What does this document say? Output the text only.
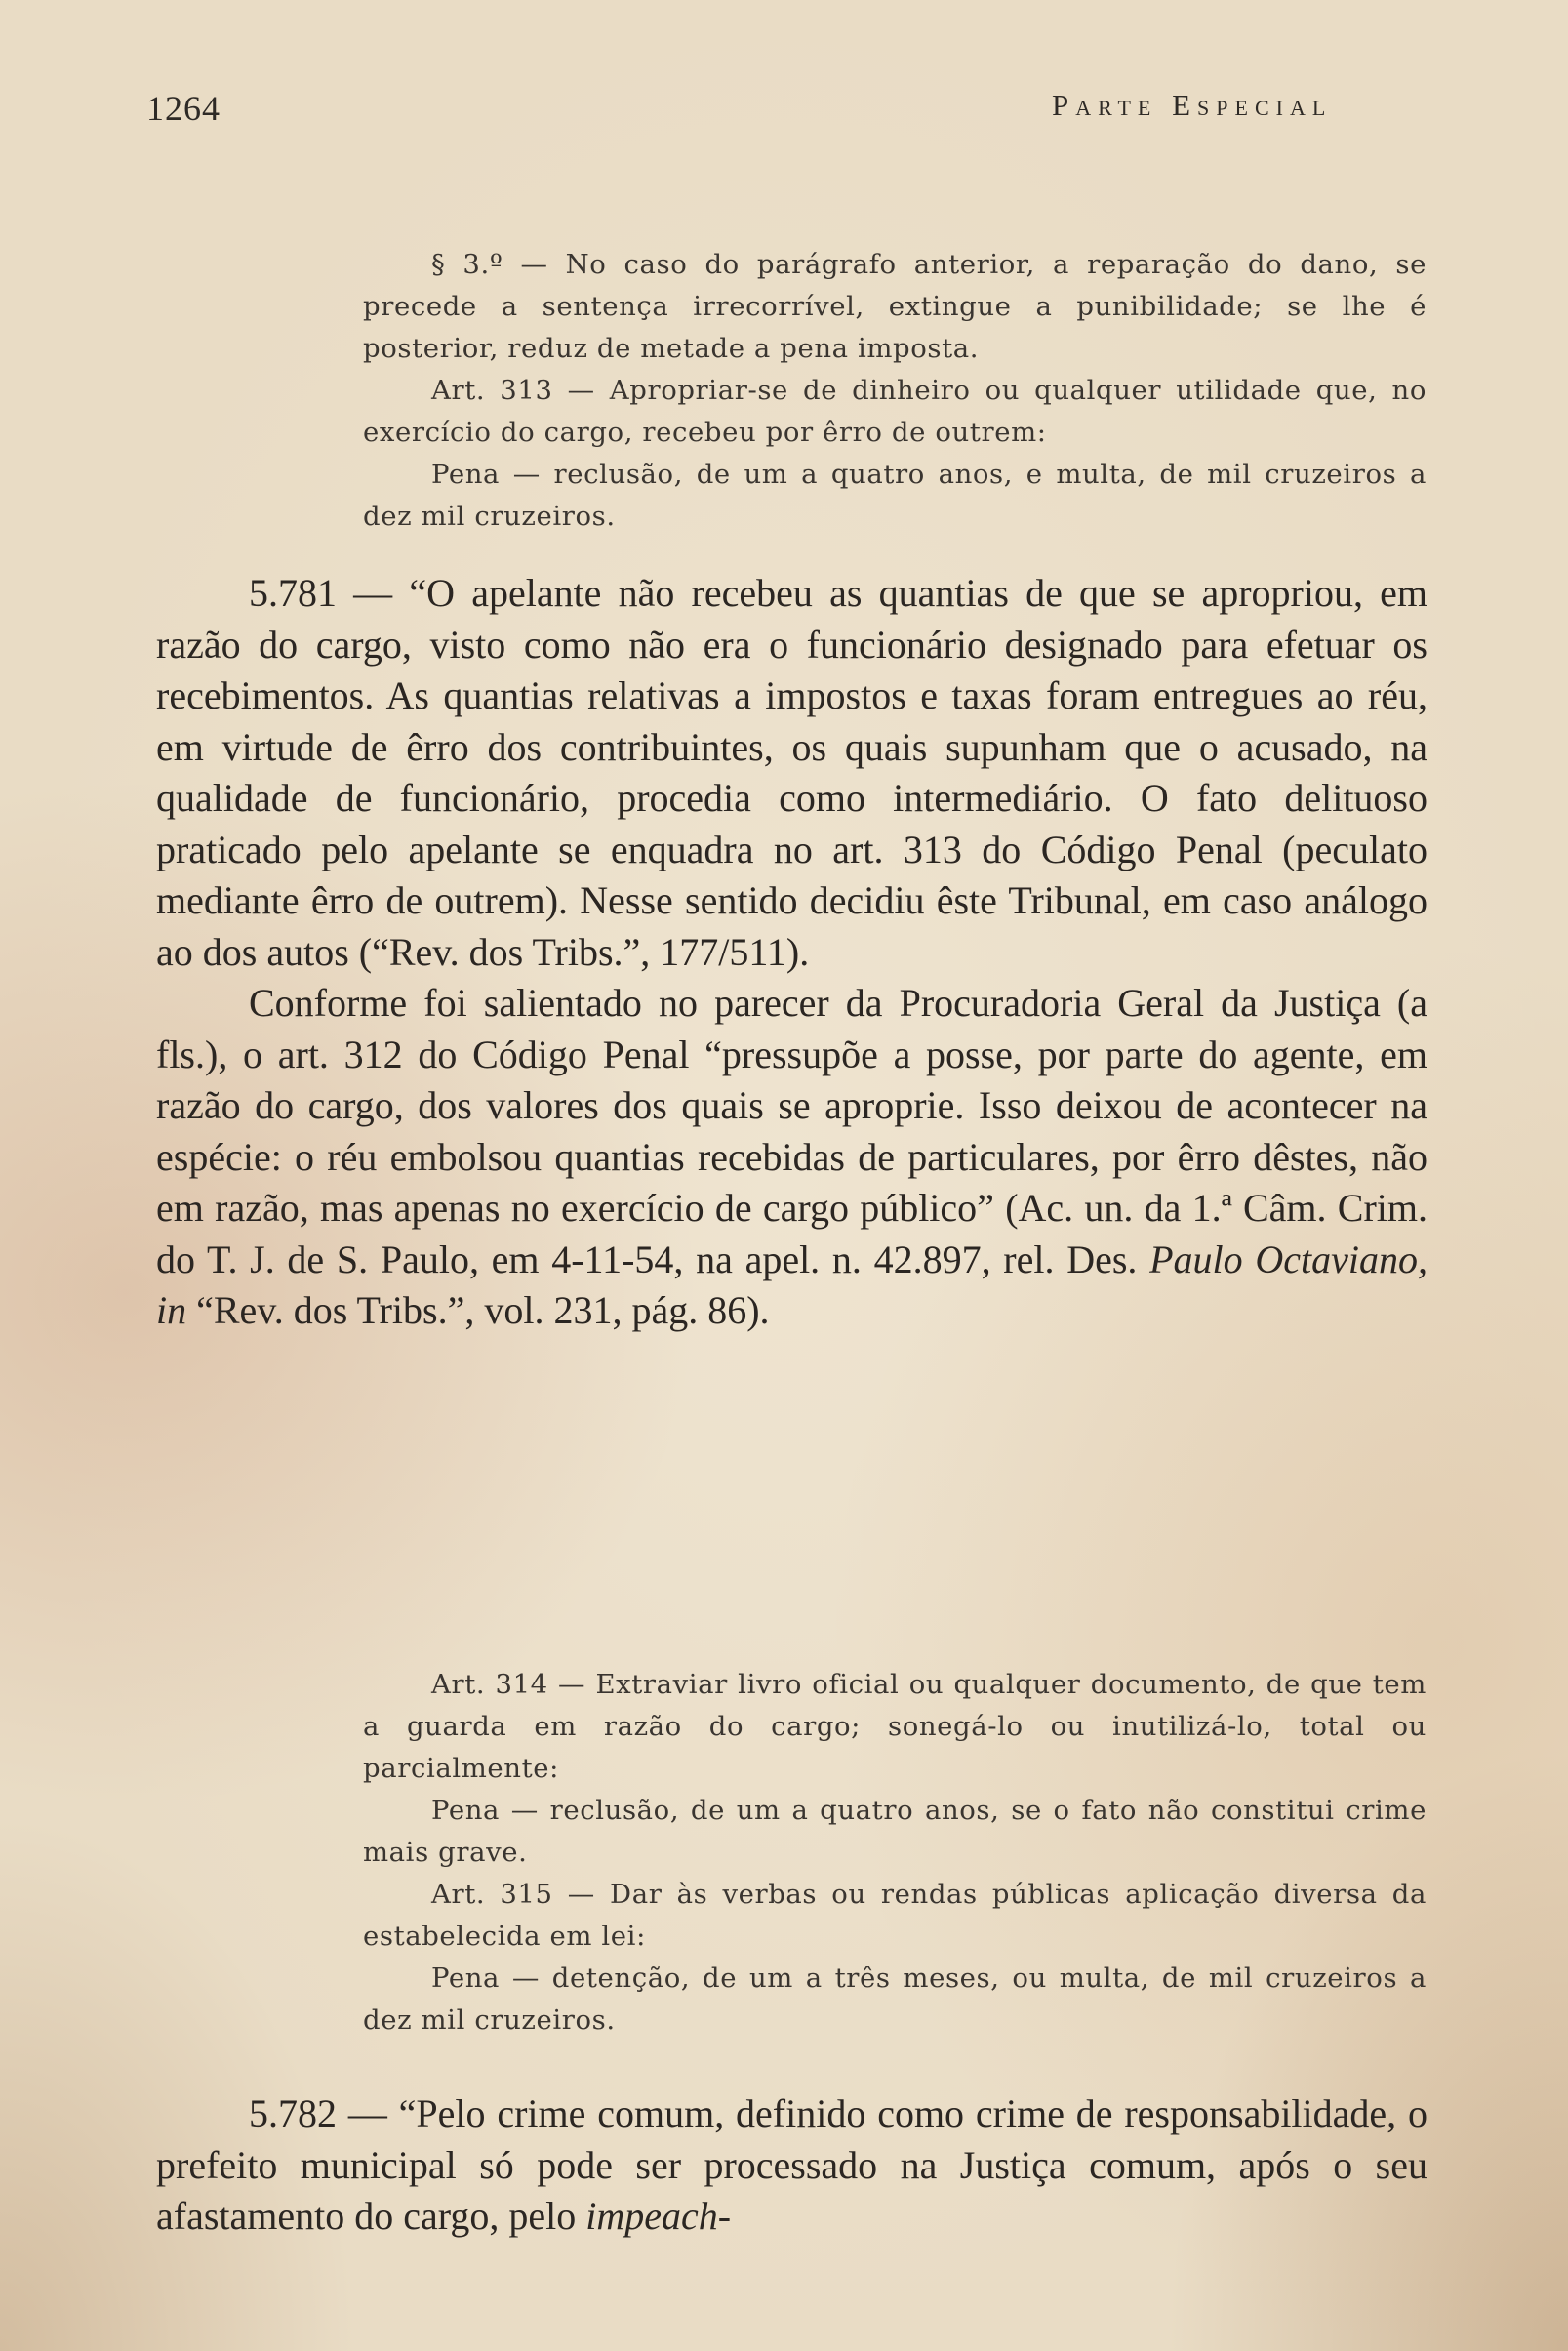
1264	Parte Especial

§ 3.º — No caso do parágrafo anterior, a reparação do dano, se precede a sentença irrecorrível, extingue a punibilidade; se lhe é posterior, reduz de metade a pena imposta.

Art. 313 — Apropriar-se de dinheiro ou qualquer utilidade que, no exercício do cargo, recebeu por êrro de outrem:

Pena — reclusão, de um a quatro anos, e multa, de mil cruzeiros a dez mil cruzeiros.

5.781 — “O apelante não recebeu as quantias de que se apropriou, em razão do cargo, visto como não era o funcionário designado para efetuar os recebimentos. As quantias relativas a impostos e taxas foram entregues ao réu, em virtude de êrro dos contribuintes, os quais supunham que o acusado, na qualidade de funcionário, procedia como intermediário. O fato delituoso praticado pelo apelante se enquadra no art. 313 do Código Penal (peculato mediante êrro de outrem). Nesse sentido decidiu êste Tribunal, em caso análogo ao dos autos (“Rev. dos Tribs.”, 177/511).

Conforme foi salientado no parecer da Procuradoria Geral da Justiça (a fls.), o art. 312 do Código Penal “pressupõe a posse, por parte do agente, em razão do cargo, dos valores dos quais se aproprie. Isso deixou de acontecer na espécie: o réu embolsou quantias recebidas de particulares, por êrro dêstes, não em razão, mas apenas no exercício de cargo público” (Ac. un. da 1.ª Câm. Crim. do T. J. de S. Paulo, em 4-11-54, na apel. n. 42.897, rel. Des. Paulo Octaviano, in “Rev. dos Tribs.”, vol. 231, pág. 86).

Art. 314 — Extraviar livro oficial ou qualquer documento, de que tem a guarda em razão do cargo; sonegá-lo ou inutilizá-lo, total ou parcialmente:

Pena — reclusão, de um a quatro anos, se o fato não constitui crime mais grave.

Art. 315 — Dar às verbas ou rendas públicas aplicação diversa da estabelecida em lei:

Pena — detenção, de um a três meses, ou multa, de mil cruzeiros a dez mil cruzeiros.

5.782 — “Pelo crime comum, definido como crime de responsabilidade, o prefeito municipal só pode ser processado na Justiça comum, após o seu afastamento do cargo, pelo impeach-
